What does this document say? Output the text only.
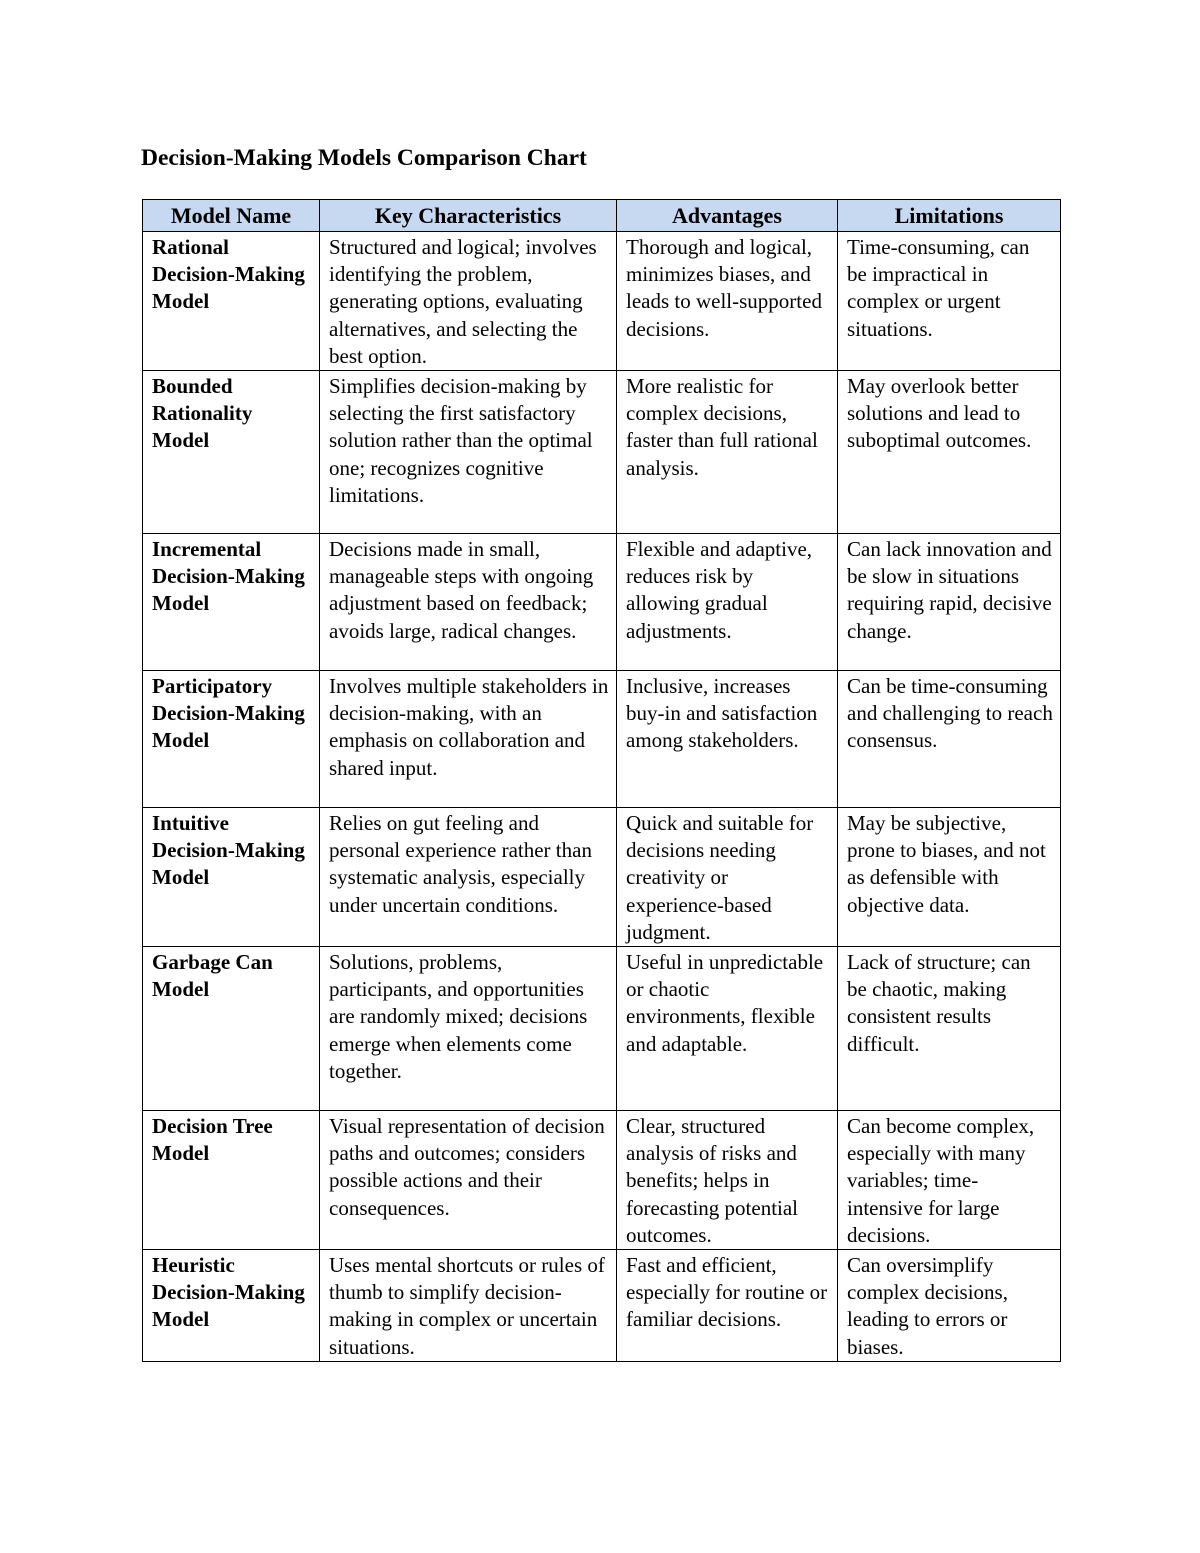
Decision-Making Models Comparison Chart
Model Name	Key Characteristics	Advantages	Limitations
Rational Decision-Making Model	Structured and logical; involves identifying the problem, generating options, evaluating alternatives, and selecting the best option.	Thorough and logical, minimizes biases, and leads to well-supported decisions.	Time-consuming, can be impractical in complex or urgent situations.
Bounded Rationality Model	Simplifies decision-making by selecting the first satisfactory solution rather than the optimal one; recognizes cognitive limitations.	More realistic for complex decisions, faster than full rational analysis.	May overlook better solutions and lead to suboptimal outcomes.
Incremental Decision-Making Model	Decisions made in small, manageable steps with ongoing adjustment based on feedback; avoids large, radical changes.	Flexible and adaptive, reduces risk by allowing gradual adjustments.	Can lack innovation and be slow in situations requiring rapid, decisive change.
Participatory Decision-Making Model	Involves multiple stakeholders in decision-making, with an emphasis on collaboration and shared input.	Inclusive, increases buy-in and satisfaction among stakeholders.	Can be time-consuming and challenging to reach consensus.
Intuitive Decision-Making Model	Relies on gut feeling and personal experience rather than systematic analysis, especially under uncertain conditions.	Quick and suitable for decisions needing creativity or experience-based judgment.	May be subjective, prone to biases, and not as defensible with objective data.
Garbage Can Model	Solutions, problems, participants, and opportunities are randomly mixed; decisions emerge when elements come together.	Useful in unpredictable or chaotic environments, flexible and adaptable.	Lack of structure; can be chaotic, making consistent results difficult.
Decision Tree Model	Visual representation of decision paths and outcomes; considers possible actions and their consequences.	Clear, structured analysis of risks and benefits; helps in forecasting potential outcomes.	Can become complex, especially with many variables; time-intensive for large decisions.
Heuristic Decision-Making Model	Uses mental shortcuts or rules of thumb to simplify decision-making in complex or uncertain situations.	Fast and efficient, especially for routine or familiar decisions.	Can oversimplify complex decisions, leading to errors or biases.
